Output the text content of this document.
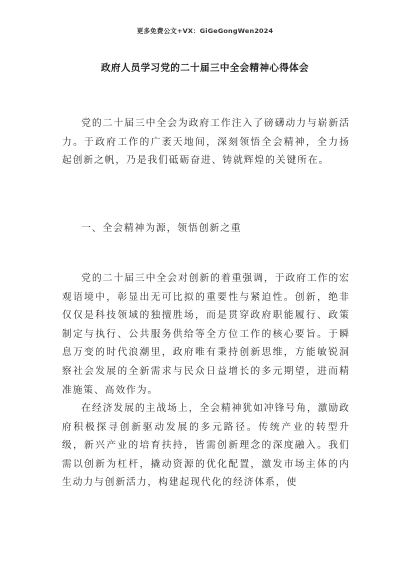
更多免费公文+VX：GiGeGongWen2024
政府人员学习党的二十届三中全会精神心得体会

党的二十届三中全会为政府工作注入了磅礴动力与崭新活力。于政府工作的广袤天地间，深刻领悟全会精神，全力扬起创新之帆，乃是我们砥砺奋进、铸就辉煌的关键所在。

一、全会精神为源，领悟创新之重

党的二十届三中全会对创新的着重强调，于政府工作的宏观语境中，彰显出无可比拟的重要性与紧迫性。创新，绝非仅仅是科技领域的独擅胜场，而是贯穿政府职能履行、政策制定与执行、公共服务供给等全方位工作的核心要旨。于瞬息万变的时代浪潮里，政府唯有秉持创新思维，方能敏锐洞察社会发展的全新需求与民众日益增长的多元期望，进而精准施策、高效作为。

在经济发展的主战场上，全会精神犹如冲锋号角，激励政府积极探寻创新驱动发展的多元路径。传统产业的转型升级，新兴产业的培育扶持，皆需创新理念的深度融入。我们需以创新为杠杆，撬动资源的优化配置，激发市场主体的内生动力与创新活力，构建起现代化的经济体系，使
